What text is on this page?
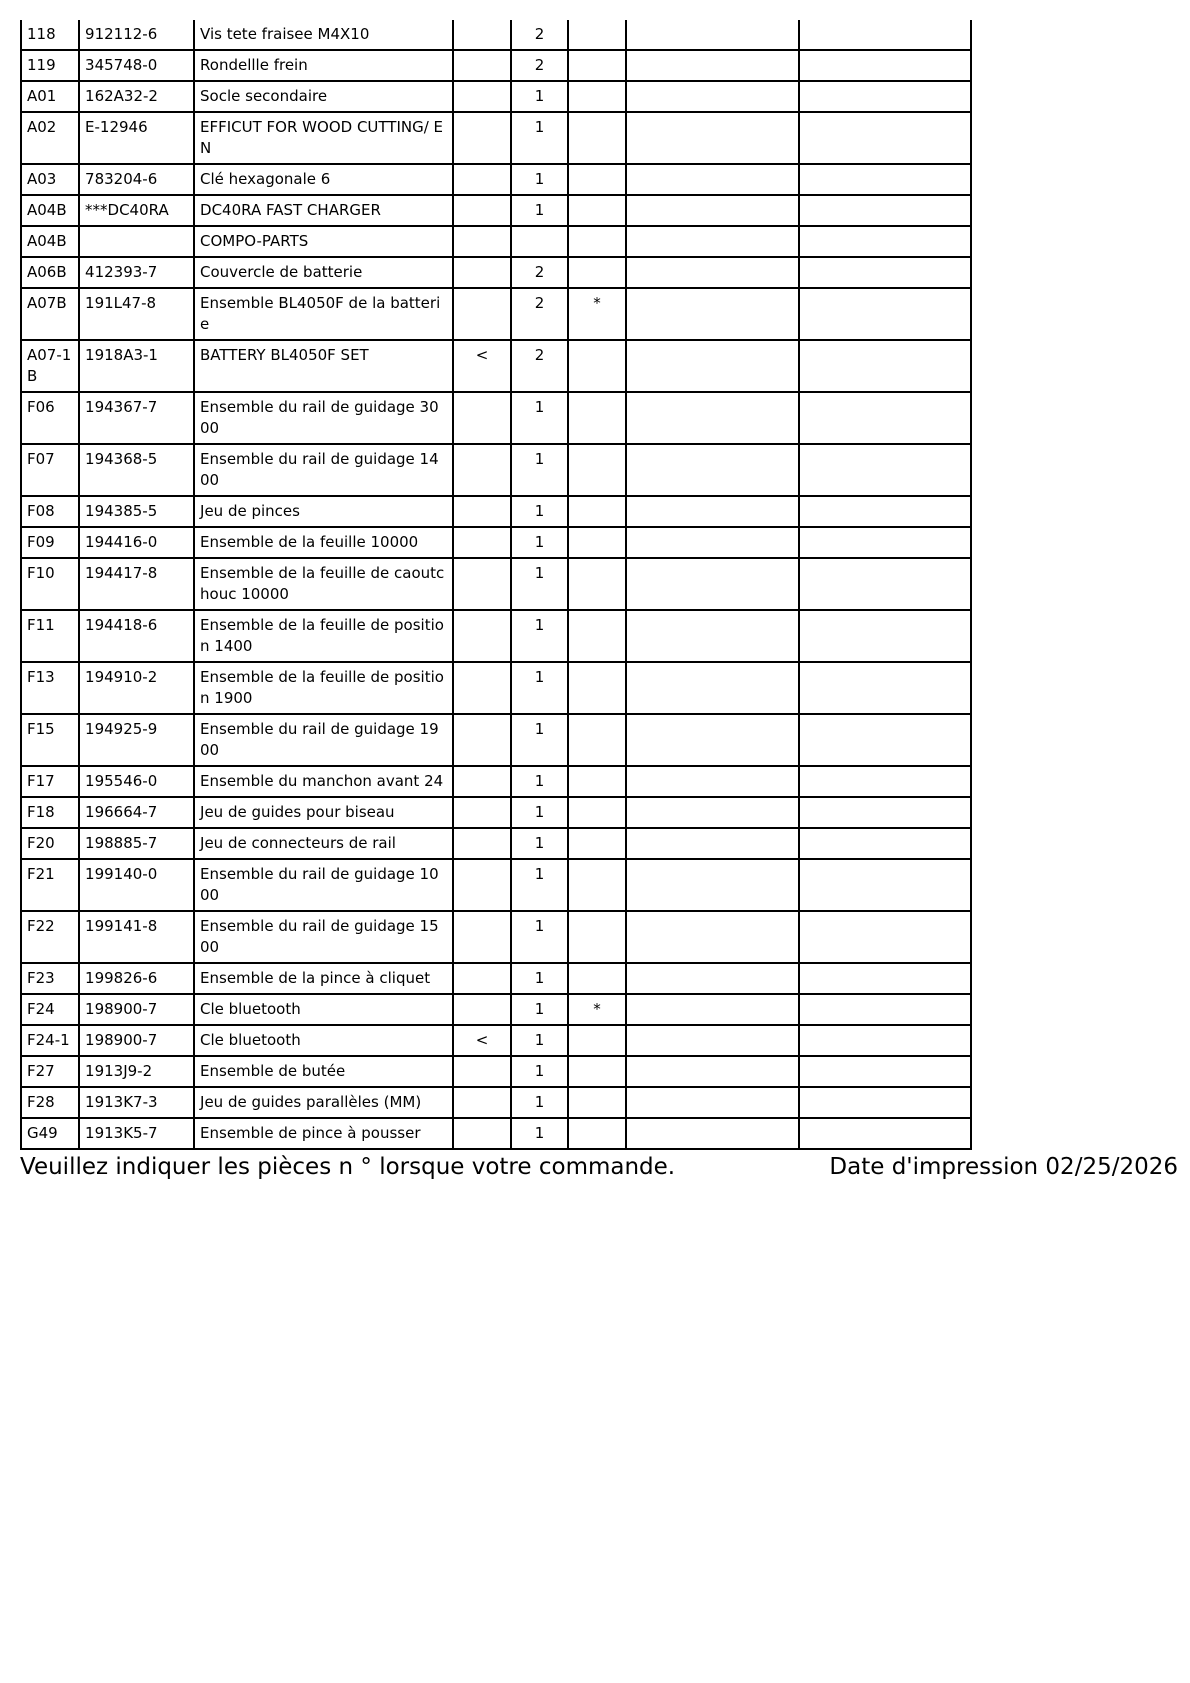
118	912112-6	Vis tete fraisee M4X10		2			
119	345748-0	Rondellle frein		2			
A01	162A32-2	Socle secondaire		1			
A02	E-12946	EFFICUT FOR WOOD CUTTING/ EN		1			
A03	783204-6	Clé hexagonale 6		1			
A04B	***DC40RA	DC40RA FAST CHARGER		1			
A04B		COMPO-PARTS					
A06B	412393-7	Couvercle de batterie		2			
A07B	191L47-8	Ensemble BL4050F de la batterie		2	*		
A07-1B	1918A3-1	BATTERY BL4050F SET	<	2			
F06	194367-7	Ensemble du rail de guidage 3000		1			
F07	194368-5	Ensemble du rail de guidage 1400		1			
F08	194385-5	Jeu de pinces		1			
F09	194416-0	Ensemble de la feuille 10000		1			
F10	194417-8	Ensemble de la feuille de caoutchouc 10000		1			
F11	194418-6	Ensemble de la feuille de position 1400		1			
F13	194910-2	Ensemble de la feuille de position 1900		1			
F15	194925-9	Ensemble du rail de guidage 1900		1			
F17	195546-0	Ensemble du manchon avant 24		1			
F18	196664-7	Jeu de guides pour biseau		1			
F20	198885-7	Jeu de connecteurs de rail		1			
F21	199140-0	Ensemble du rail de guidage 1000		1			
F22	199141-8	Ensemble du rail de guidage 1500		1			
F23	199826-6	Ensemble de la pince à cliquet		1			
F24	198900-7	Cle bluetooth		1	*		
F24-1	198900-7	Cle bluetooth	<	1			
F27	1913J9-2	Ensemble de butée		1			
F28	1913K7-3	Jeu de guides parallèles (MM)		1			
G49	1913K5-7	Ensemble de pince à pousser		1			
Veuillez indiquer les pièces n ° lorsque votre commande.	Date d'impression 02/25/2026
